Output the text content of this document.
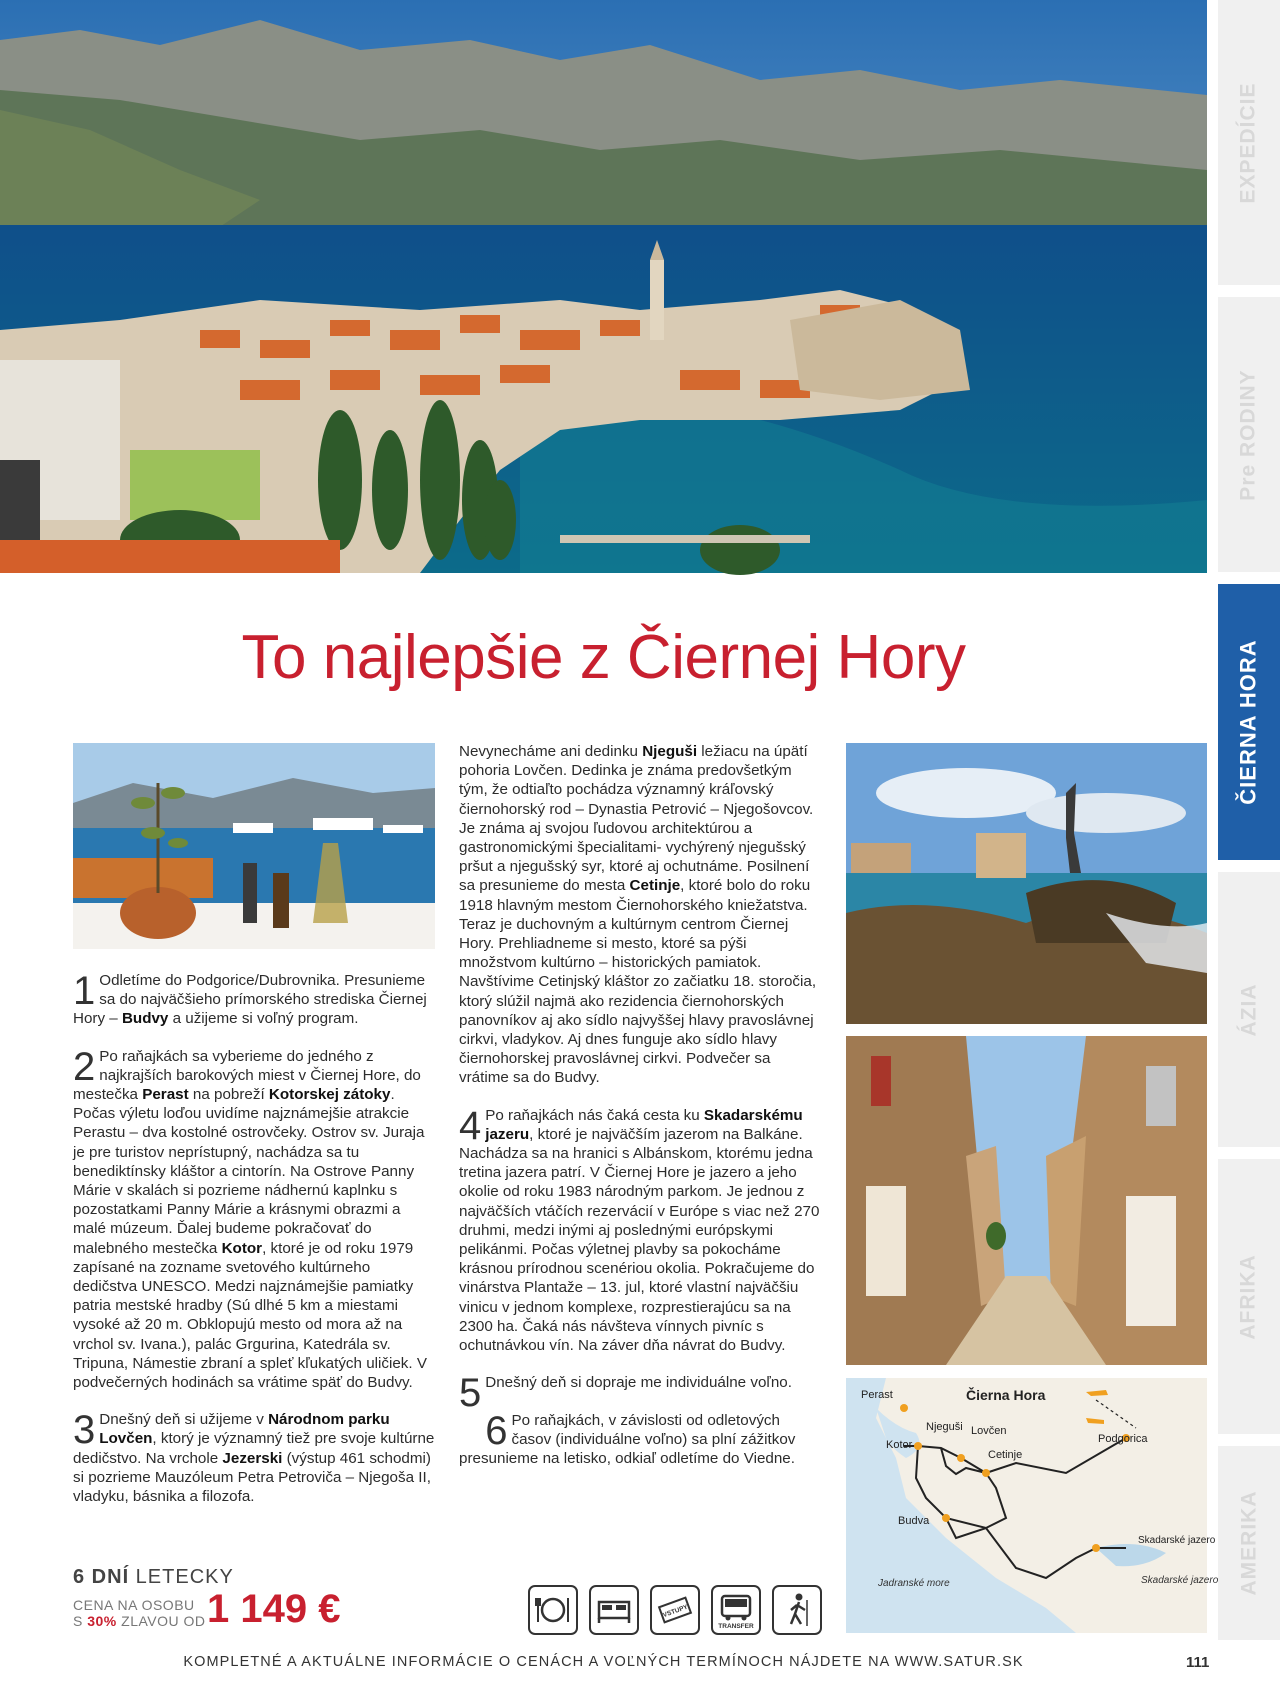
EXPEDÍCIE
Pre RODINY
ČIERNA HORA
ÁZIA
AFRIKA
AMERIKA
To najlepšie z Čiernej Hory

1 Odletíme do Podgorice/Dubrovnika. Presunieme sa do najväčšieho prímorského strediska Čiernej Hory – Budvy a užijeme si voľný program.

2 Po raňajkách sa vyberieme do jedného z najkrajších barokových miest v Čiernej Hore, do mestečka Perast na pobreží Kotorskej zátoky. Počas výletu loďou uvidíme najznámejšie atrakcie Perastu – dva kostolné ostrovčeky. Ostrov sv. Juraja je pre turistov neprístupný, nachádza sa tu benediktínsky kláštor a cintorín. Na Ostrove Panny Márie v skalách si pozrieme nádhernú kaplnku s pozostatkami Panny Márie a krásnymi obrazmi a malé múzeum. Ďalej budeme pokračovať do malebného mestečka Kotor, ktoré je od roku 1979 zapísané na zozname svetového kultúrneho dedičstva UNESCO. Medzi najznámejšie pamiatky patria mestské hradby (Sú dlhé 5 km a miestami vysoké až 20 m. Obklopujú mesto od mora až na vrchol sv. Ivana.), palác Grgurina, Katedrála sv. Tripuna, Námestie zbraní a spleť kľukatých uličiek. V podvečerných hodinách sa vrátime späť do Budvy.

3 Dnešný deň si užijeme v Národnom parku Lovčen, ktorý je významný tiež pre svoje kultúrne dedičstvo. Na vrchole Jezerski (výstup 461 schodmi) si pozrieme Mauzóleum Petra Petroviča – Njegoša II, vladyku, básnika a filozofa.

Nevynecháme ani dedinku Njeguši ležiacu na úpätí pohoria Lovčen. Dedinka je známa predovšetkým tým, že odtiaľto pochádza významný kráľovský čiernohorský rod – Dynastia Petrović – Njegošovcov. Je známa aj svojou ľudovou architektúrou a gastronomickými špecialitami- vychýrený njegušský pršut a njegušský syr, ktoré aj ochutnáme. Posilnení sa presunieme do mesta Cetinje, ktoré bolo do roku 1918 hlavným mestom Čiernohorského kniežatstva. Teraz je duchovným a kultúrnym centrom Čiernej Hory. Prehliadneme si mesto, ktoré sa pýši množstvom kultúrno – historických pamiatok. Navštívime Cetinjský kláštor zo začiatku 18. storočia, ktorý slúžil najmä ako rezidencia čiernohorských panovníkov aj ako sídlo najvyššej hlavy pravoslávnej cirkvi, vladykov. Aj dnes funguje ako sídlo hlavy čiernohorskej pravoslávnej cirkvi. Podvečer sa vrátime sa do Budvy.

4 Po raňajkách nás čaká cesta ku Skadarskému jazeru, ktoré je najväčším jazerom na Balkáne. Nachádza sa na hranici s Albánskom, ktorému jedna tretina jazera patrí. V Čiernej Hore je jazero a jeho okolie od roku 1983 národným parkom. Je jednou z najväčších vtáčích rezervácií v Európe s viac než 270 druhmi, medzi inými aj poslednými európskymi pelikánmi. Počas výletnej plavby sa pokocháme krásnou prírodnou scenériou okolia. Pokračujeme do vinárstva Plantaže – 13. jul, ktoré vlastní najväčšiu vinicu v jednom komplexe, rozprestierajúcu sa na 2300 ha. Čaká nás návšteva vínnych pivníc s ochutnávkou vín. Na záver dňa návrat do Budvy.

5 Dnešný deň si dopraje me individuálne voľno.

6 Po raňajkách, v závislosti od odletových časov (individuálne voľno) sa plní zážitkov presunieme na letisko, odkiaľ odletíme do Viedne.

6 DNÍ LETECKY
CENA NA OSOBU
S 30% ZLAVOU OD 1 149 €	VSTUPY
TRANSFER
Čierna Hora
Perast
Njeguši Lovčen
Kotor
Cetinje
Podgorica
Budva
Skadarské jazero
Jadranské more	Skadarské jazero
KOMPLETNÉ A AKTUÁLNE INFORMÁCIE O CENÁCH A VOĽNÝCH TERMÍNOCH NÁJDETE NA WWW.SATUR.SK	111
